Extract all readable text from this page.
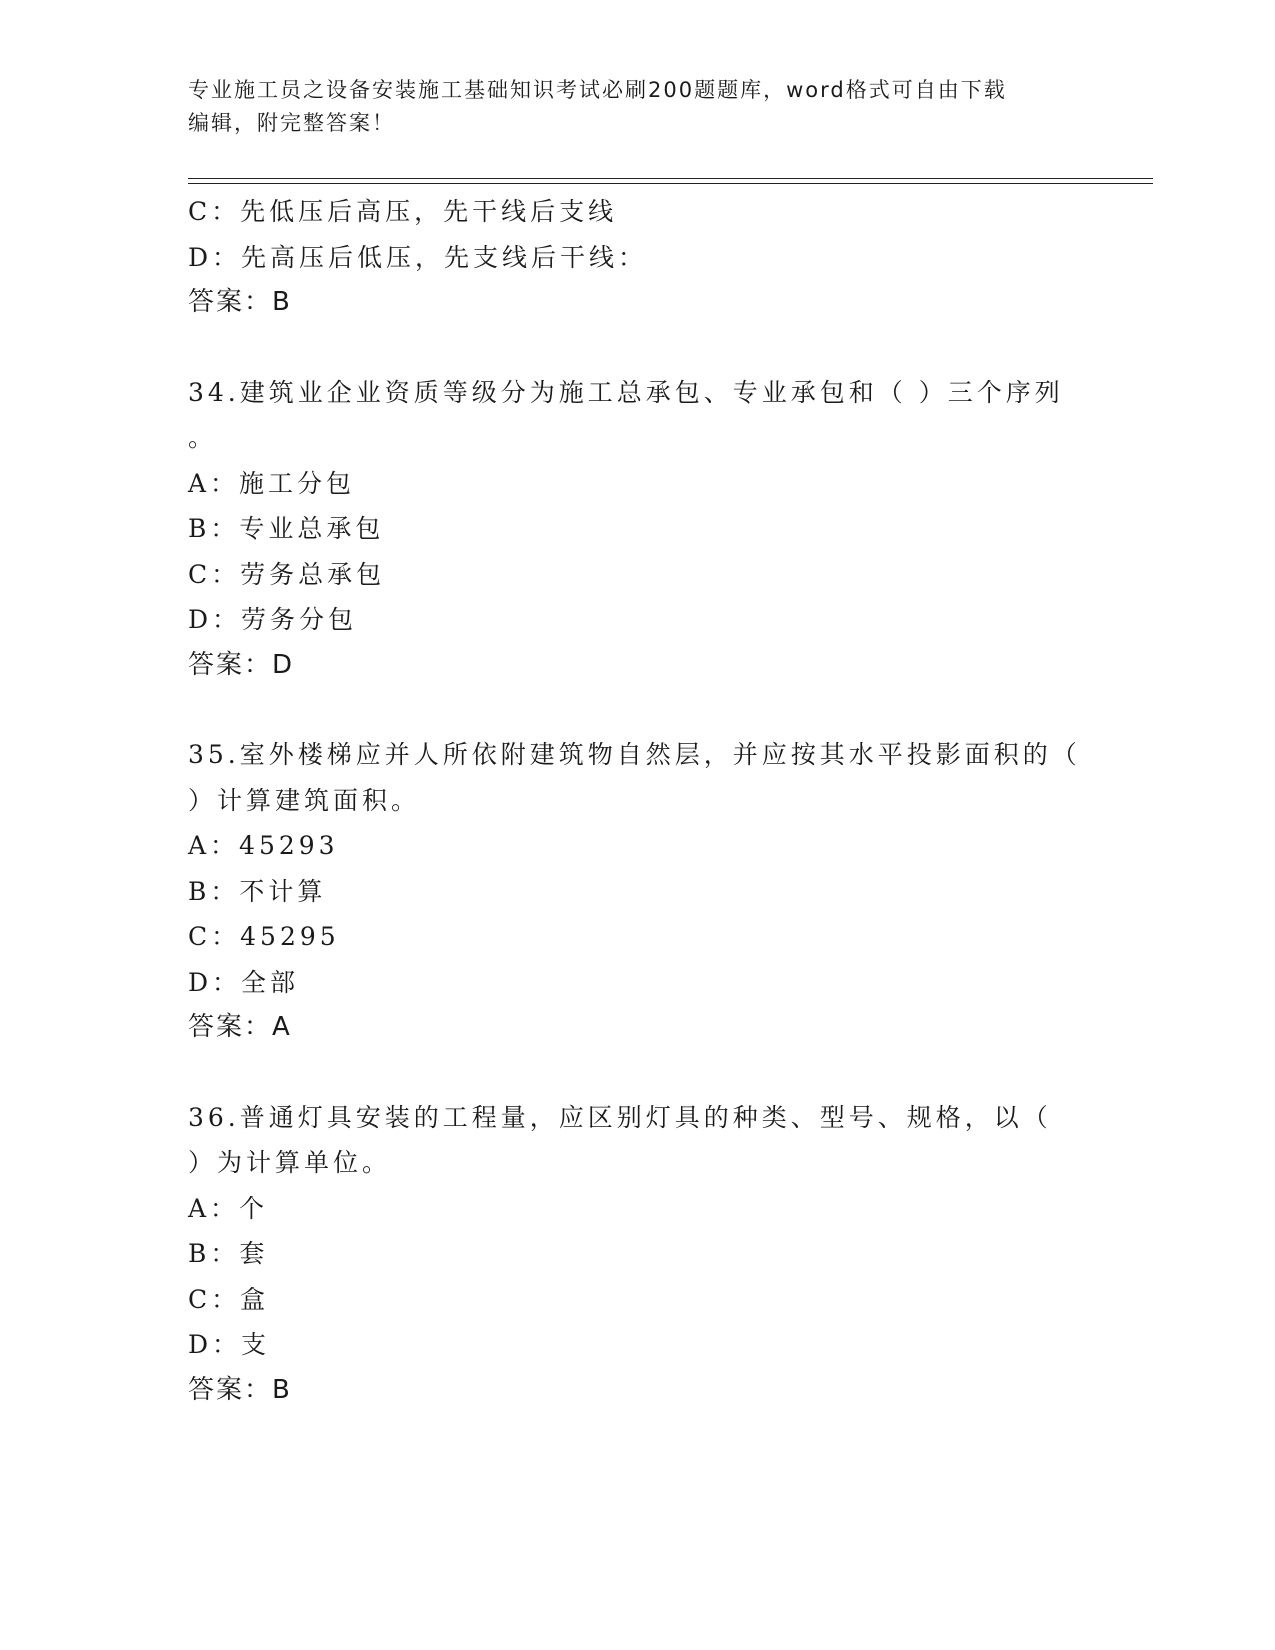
专业施工员之设备安装施工基础知识考试必刷200题题库，word格式可自由下载
编辑，附完整答案！
C：先低压后高压，先干线后支线
D：先高压后低压，先支线后干线：
答案：B
34.建筑业企业资质等级分为施工总承包、专业承包和（ ）三个序列
。
A：施工分包
B：专业总承包
C：劳务总承包
D：劳务分包
答案：D
35.室外楼梯应并人所依附建筑物自然层，并应按其水平投影面积的（
）计算建筑面积。
A：45293
B：不计算
C：45295
D：全部
答案：A
36.普通灯具安装的工程量，应区别灯具的种类、型号、规格，以（
）为计算单位。
A：个
B：套
C：盒
D：支
答案：B
